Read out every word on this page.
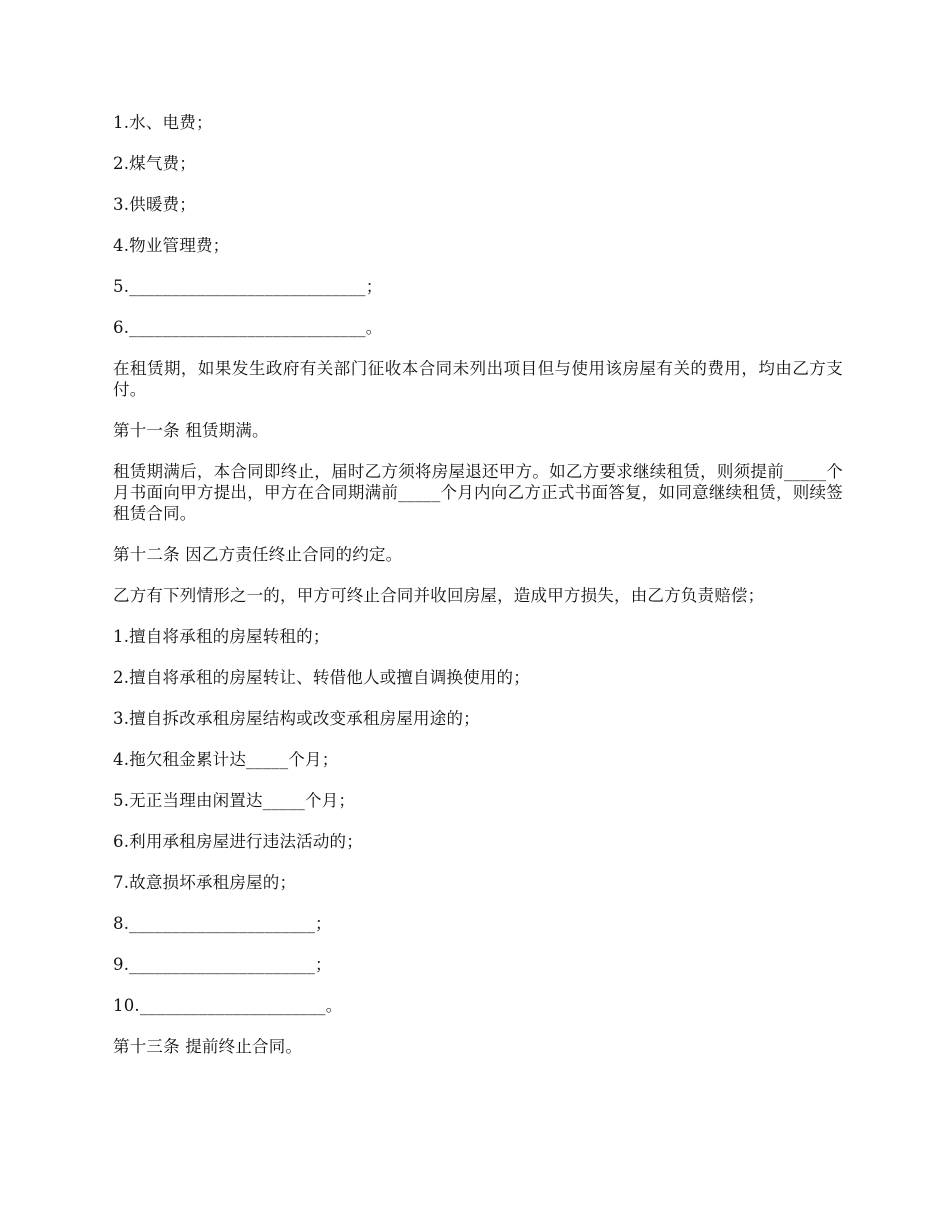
1.水、电费；

2.煤气费；

3.供暖费；

4.物业管理费；

5.____________________________；

6.____________________________。

在租赁期，如果发生政府有关部门征收本合同未列出项目但与使用该房屋有关的费用，均由乙方支付。

第十一条 租赁期满。

租赁期满后，本合同即终止，届时乙方须将房屋退还甲方。如乙方要求继续租赁，则须提前_____个月书面向甲方提出，甲方在合同期满前_____个月内向乙方正式书面答复，如同意继续租赁，则续签租赁合同。

第十二条 因乙方责任终止合同的约定。

乙方有下列情形之一的，甲方可终止合同并收回房屋，造成甲方损失，由乙方负责赔偿；

1.擅自将承租的房屋转租的；

2.擅自将承租的房屋转让、转借他人或擅自调换使用的；

3.擅自拆改承租房屋结构或改变承租房屋用途的；

4.拖欠租金累计达_____个月；

5.无正当理由闲置达_____个月；

6.利用承租房屋进行违法活动的；

7.故意损坏承租房屋的；

8.______________________；

9.______________________；

10.______________________。

第十三条 提前终止合同。
